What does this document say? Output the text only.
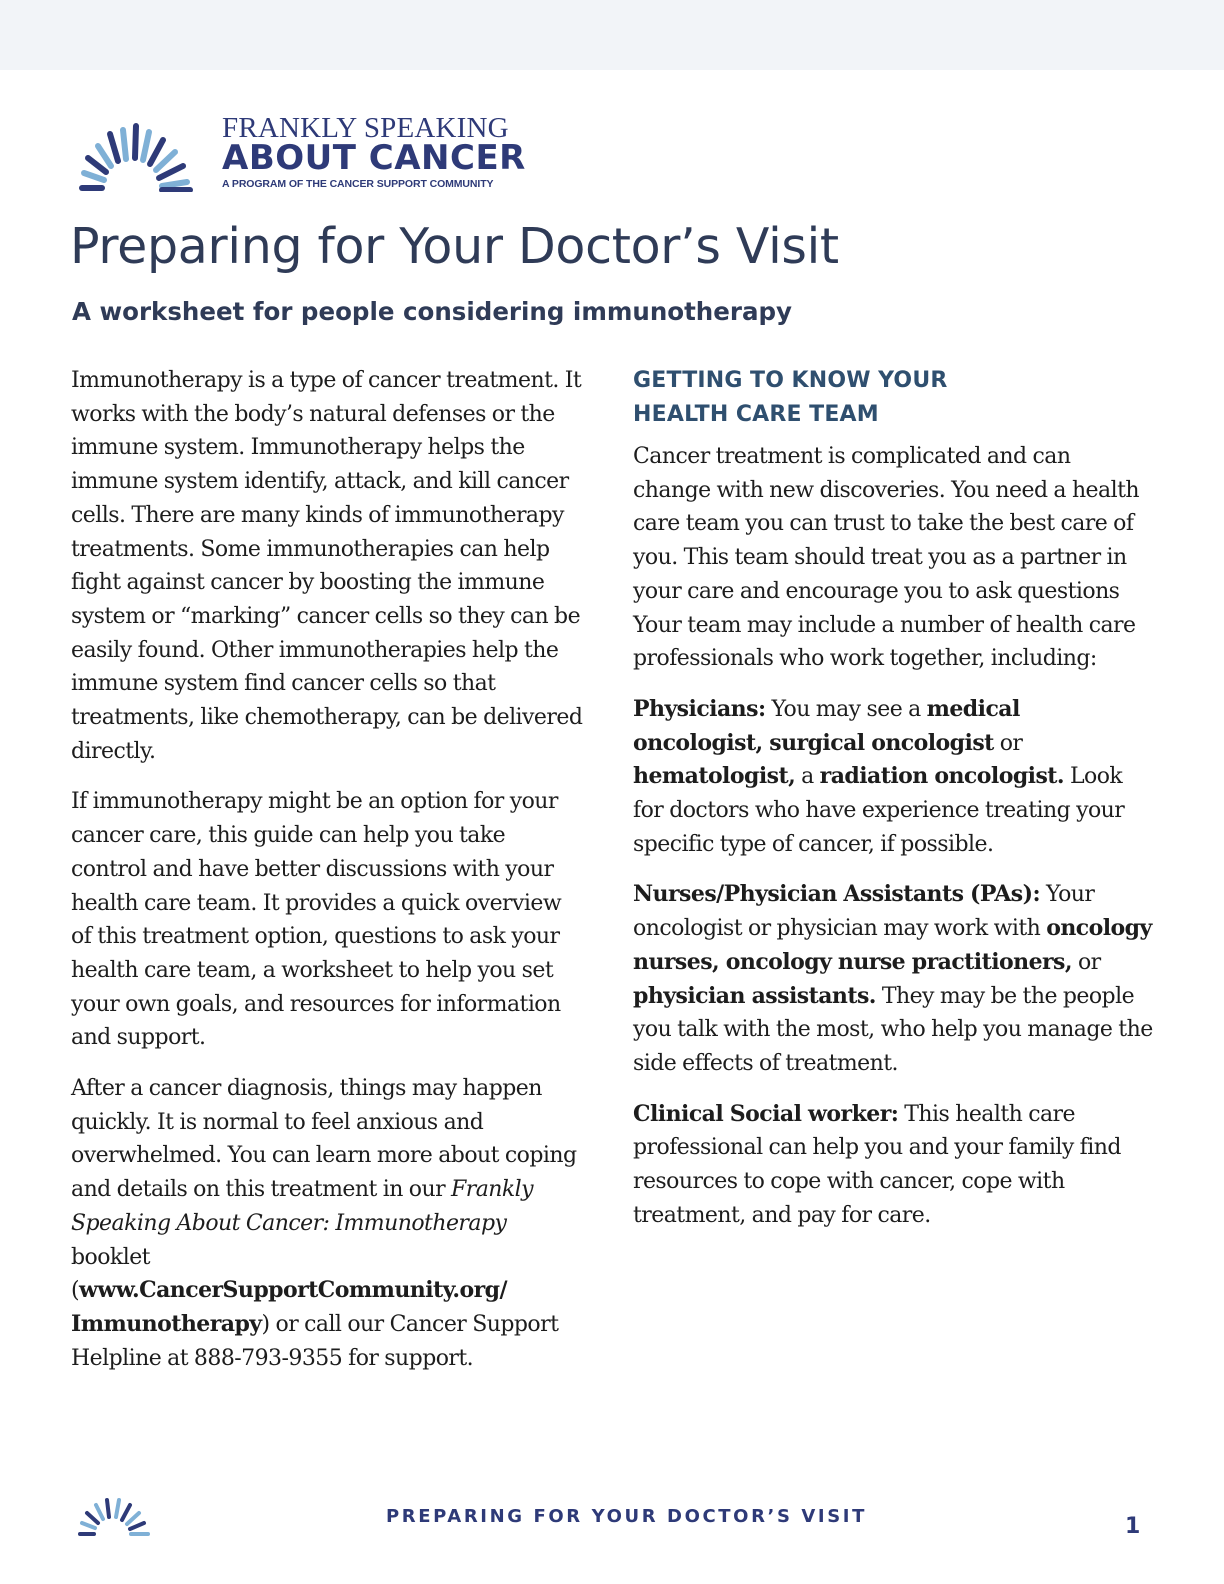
FRANKLY SPEAKING
ABOUT CANCER
A PROGRAM OF THE CANCER SUPPORT COMMUNITY
Preparing for Your Doctor’s Visit
A worksheet for people considering immunotherapy

Immunotherapy is a type of cancer treatment. It works with the body’s natural defenses or the immune system. Immunotherapy helps the immune system identify, attack, and kill cancer cells. There are many kinds of immunotherapy treatments. Some immunotherapies can help fight against cancer by boosting the immune system or “marking” cancer cells so they can be easily found. Other immunotherapies help the immune system find cancer cells so that treatments, like chemotherapy, can be delivered directly.

If immunotherapy might be an option for your cancer care, this guide can help you take control and have better discussions with your health care team. It provides a quick overview of this treatment option, questions to ask your health care team, a worksheet to help you set your own goals, and resources for information and support.

After a cancer diagnosis, things may happen quickly. It is normal to feel anxious and overwhelmed. You can learn more about coping and details on this treatment in our Frankly Speaking About Cancer: Immunotherapy booklet (www.CancerSupportCommunity.org/ Immunotherapy) or call our Cancer Support Helpline at 888-793-9355 for support.

GETTING TO KNOW YOUR
HEALTH CARE TEAM

Cancer treatment is complicated and can change with new discoveries. You need a health care team you can trust to take the best care of you. This team should treat you as a partner in your care and encourage you to ask questions Your team may include a number of health care professionals who work together, including:

Physicians: You may see a medical oncologist, surgical oncologist or hematologist, a radiation oncologist. Look for doctors who have experience treating your specific type of cancer, if possible.

Nurses/Physician Assistants (PAs): Your oncologist or physician may work with oncology nurses, oncology nurse practitioners, or physician assistants. They may be the people you talk with the most, who help you manage the side effects of treatment.

Clinical Social worker: This health care professional can help you and your family find resources to cope with cancer, cope with treatment, and pay for care.

PREPARING FOR YOUR DOCTOR’S VISIT	1
